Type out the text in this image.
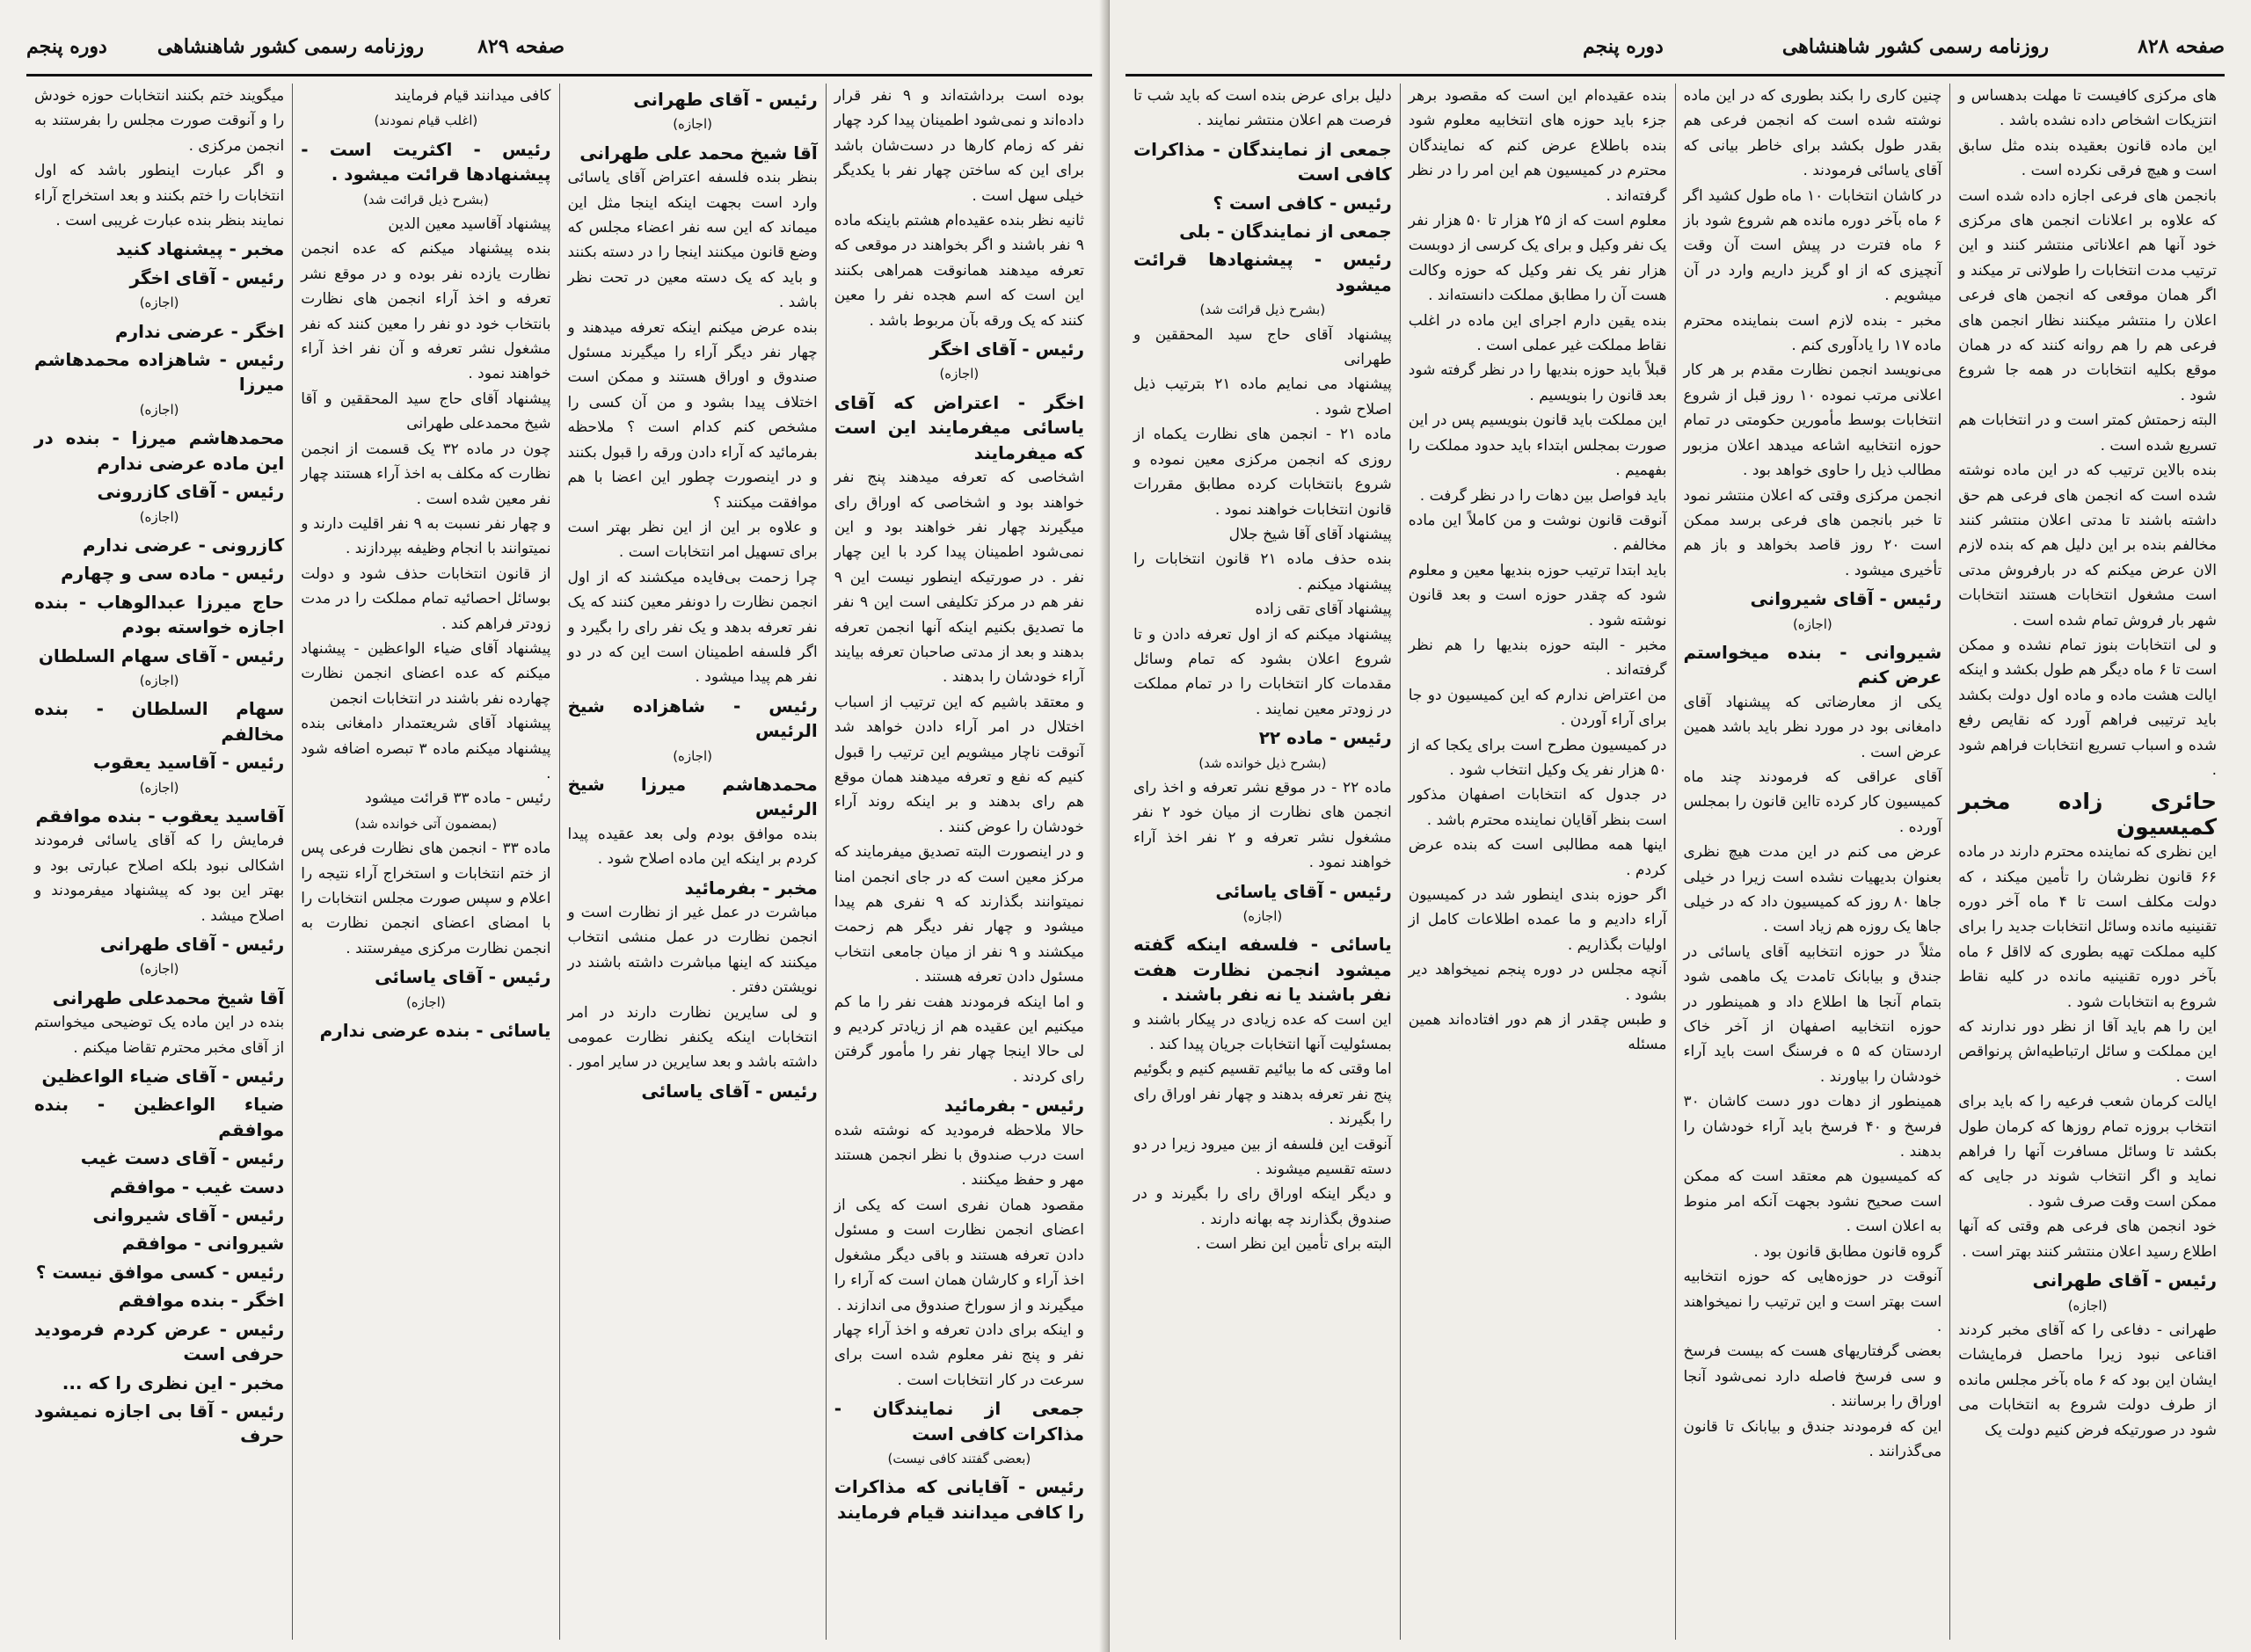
صفحه ۸۲۹
روزنامه رسمی کشور شاهنشاهی
دوره پنجم

بوده است برداشته‌اند و ۹ نفر قرار داده‌اند و نمی‌شود اطمینان پیدا کرد چهار نفر که زمام کار‌ها در دست‌شان باشد برای این که ساختن چهار نفر با یکدیگر خیلی سهل است .

ثانیه نظر بنده عقیده‌ام هشتم باینکه ماده ۹ نفر باشند و اگر بخواهند در موقعی که تعرفه میدهند همانوقت همراهی بکنند این است که اسم هجده نفر را معین کنند که یک ورقه بآن مربوط باشد .

رئیس - آقای اخگر
(اجازه)
اخگر - اعتراض که آقای یاسائی میفرمایند این است که میفرمایند

اشخاصی که تعرفه میدهند پنج نفر خواهند بود و اشخاصی که اوراق رای میگیرند چهار نفر خواهند بود و این نمی‌شود اطمینان پیدا کرد با این چهار نفر . در صورتیکه اینطور نیست این ۹ نفر هم در مرکز تکلیفی است این ۹ نفر ما تصدیق بکنیم اینکه آنها انجمن تعرفه بدهند و بعد از مدتی صاحبان تعرفه بیایند آراء خودشان را بدهند .

و معتقد باشیم که این ترتیب از اسباب اختلال در امر آراء دادن خواهد شد آنوقت ناچار میشویم این ترتیب را قبول کنیم که نفع و تعرفه میدهند همان موقع هم رای بدهند و بر اینکه روند آراء خودشان را عوض کنند .

و در اینصورت البته تصدیق میفرمایند که مرکز معین است که در جای انجمن امنا نمیتوانند بگذارند که ۹ نفری هم پیدا میشود و چهار نفر دیگر هم زحمت میکشند و ۹ نفر از میان جامعی انتخاب مسئول دادن تعرفه هستند .

و اما اینکه فرمودند هفت نفر را ما کم میکنیم این عقیده هم از زیادتر کردیم و لی حالا اینجا چهار نفر را مأمور گرفتن رای کردند .

رئیس - بفرمائید

حالا ملاحظه فرمودید که نوشته شده است درب صندوق با نظر انجمن هستند مهر و حفظ میکنند .

مقصود همان نفری است که یکی از اعضای انجمن نظارت است و مسئول دادن تعرفه هستند و باقی دیگر مشغول اخذ آراء و کارشان همان است که آراء را میگیرند و از سوراخ صندوق می اندازند .

و اینکه برای دادن تعرفه و اخذ آراء چهار نفر و پنج نفر معلوم شده است برای سرعت در کار انتخابات است .

جمعی از نمایندگان - مذاکرات کافی است
(بعضی گفتند کافی نیست)
رئیس - آقایانی که مذاکرات را کافی میدانند قیام فرمایند
رئیس - آقای طهرانی
(اجازه)
آقا شیخ محمد علی طهرانی

بنظر بنده فلسفه اعتراض آقای یاسائی وارد است بجهت اینکه اینجا مثل این میماند که این سه نفر اعضاء مجلس که وضع قانون میکنند اینجا را در دسته بکنند و باید که یک دسته معین در تحت نظر باشد .

بنده عرض میکنم اینکه تعرفه میدهند و چهار نفر دیگر آراء را میگیرند مسئول صندوق و اوراق هستند و ممکن است اختلاف پیدا بشود و من آن کسی را مشخص کنم کدام است ؟ ملاحظه بفرمائید که آراء دادن ورقه را قبول بکنند و در اینصورت چطور این اعضا با هم موافقت میکنند ؟

و علاوه بر این از این نظر بهتر است برای تسهیل امر انتخابات است .

چرا زحمت بی‌فایده میکشند که از اول انجمن نظارت را دونفر معین کنند که یک نفر تعرفه بدهد و یک نفر رای را بگیرد و اگر فلسفه اطمینان است این که در دو نفر هم پیدا میشود .

رئیس - شاهزاده شیخ الرئیس
(اجازه)
محمدهاشم میرزا شیخ الرئیس

بنده موافق بودم ولی بعد عقیده پیدا کردم بر اینکه این ماده اصلاح شود .

مخبر - بفرمائید

مباشرت در عمل غیر از نظارت است و انجمن نظارت در عمل منشی انتخاب میکنند که اینها مباشرت داشته باشند در نویشتن دفتر .

و لی سایرین نظارت دارند در امر انتخابات اینکه یکنفر نظارت عمومی داشته باشد و بعد سایرین در سایر امور .

رئیس - آقای یاسائی

کافی میدانند قیام فرمایند

(اغلب قیام نمودند)
رئیس - اکثریت است - پیشنهادها قرائت میشود .
(بشرح ذیل قرائت شد)

پیشنهاد آقاسید معین الدین

بنده پیشنهاد میکنم که عده انجمن نظارت یازده نفر بوده و در موقع نشر تعرفه و اخذ آراء انجمن های نظارت بانتخاب خود دو نفر را معین کنند که نفر مشغول نشر تعرفه و آن نفر اخذ آراء خواهند نمود .

پیشنهاد آقای حاج سید المحققین و آقا شیخ محمدعلی طهرانی

چون در ماده ۳۲ یک قسمت از انجمن نظارت که مکلف به اخذ آراء هستند چهار نفر معین شده است .

و چهار نفر نسبت به ۹ نفر اقلیت دارند و نمیتوانند با انجام وظیفه بپردازند .

از قانون انتخابات حذف شود و دولت بوسائل احصائیه تمام مملکت را در مدت زودتر فراهم کند .

پیشنهاد آقای ضیاء الواعظین - پیشنهاد میکنم که عده اعضای انجمن نظارت چهارده نفر باشند در انتخابات انجمن

پیشنهاد آقای شریعتمدار دامغانی بنده پیشنهاد میکنم ماده ۳ تبصره اضافه شود .

رئیس - ماده ۳۳ قرائت میشود

(بمضمون آتی خوانده شد)

ماده ۳۳ - انجمن های نظارت فرعی پس از ختم انتخابات و استخراج آراء نتیجه را اعلام و سپس صورت مجلس انتخابات را با امضای اعضای انجمن نظارت به انجمن نظارت مرکزی میفرستند .

رئیس - آقای یاسائی
(اجازه)
یاسائی - بنده عرضی ندارم

میگویند ختم بکنند انتخابات حوزه خودش را و آنوقت صورت مجلس را بفرستند به انجمن مرکزی .

و اگر عبارت اینطور باشد که اول انتخابات را ختم بکنند و بعد استخراج آراء نمایند بنظر بنده عبارت غریبی است .

مخبر - پیشنهاد کنید
رئیس - آقای اخگر
(اجازه)
اخگر - عرضی ندارم
رئیس - شاهزاده محمدهاشم میرزا
(اجازه)
محمدهاشم میرزا - بنده در این ماده عرضی ندارم
رئیس - آقای کازرونی
(اجازه)
کازرونی - عرضی ندارم
رئیس - ماده سی و چهارم
حاج میرزا عبدالوهاب - بنده اجازه خواسته بودم
رئیس - آقای سهام السلطان
(اجازه)
سهام السلطان - بنده مخالفم
رئیس - آقاسید یعقوب
(اجازه)
آقاسید یعقوب - بنده موافقم

فرمایش را که آقای یاسائی فرمودند اشکالی نبود بلکه اصلاح عبارتی بود و بهتر این بود که پیشنهاد میفرمودند و اصلاح میشد .

رئیس - آقای طهرانی
(اجازه)
آقا شیخ محمدعلی طهرانی

بنده در این ماده یک توضیحی میخواستم از آقای مخبر محترم تقاضا میکنم .

رئیس - آقای ضیاء الواعظین
ضیاء الواعظین - بنده موافقم
رئیس - آقای دست غیب
دست غیب - موافقم
رئیس - آقای شیروانی
شیروانی - موافقم
رئیس - کسی موافق نیست ؟
اخگر - بنده موافقم
رئیس - عرض کردم فرمودید حرفی است
مخبر - این نظری را که ...
رئیس - آقا بی اجازه نمیشود حرف
صفحه ۸۲۸
روزنامه رسمی کشور شاهنشاهی
دوره پنجم

های مرکزی کافیست تا مهلت بدهساس و انتزیکات اشخاص داده نشده باشد .

این ماده قانون بعقیده بنده مثل سابق است و هیچ فرقی نکرده است .

بانجمن های فرعی اجازه داده شده است که علاوه بر اعلانات انجمن های مرکزی خود آنها هم اعلاناتی منتشر کنند و این ترتیب مدت انتخابات را طولانی تر میکند و اگر همان موقعی که انجمن های فرعی اعلان را منتشر میکنند نظار انجمن های فرعی هم را هم روانه کنند که در همان موقع بکلیه انتخابات در همه جا شروع شود .

البته زحمتش کمتر است و در انتخابات هم تسریع شده است .

بنده بالاین ترتیب که در این ماده نوشته شده است که انجمن های فرعی هم حق داشته باشند تا مدتی اعلان منتشر کنند مخالفم بنده بر این دلیل هم که بنده لازم الان عرض میکنم که در بارفروش مدتی است مشغول انتخابات هستند انتخابات شهر بار فروش تمام شده است .

و لی انتخابات بنوز تمام نشده و ممکن است تا ۶ ماه دیگر هم طول بکشد و اینکه ایالت هشت ماده و ماده اول دولت بکشد باید ترتیبی فراهم آورد که نقایص رفع شده و اسباب تسریع انتخابات فراهم شود .

حائری زاده مخبر کمیسیون

این نظری که نماینده محترم دارند در ماده ۶۶ قانون نظرشان را تأمین میکند ، که دولت مکلف است تا ۴ ماه آخر دوره تقنینیه مانده وسائل انتخابات جدید را برای کلیه مملکت تهیه بطوری که لااقل ۶ ماه بآخر دوره تقنینیه مانده در کلیه نقاط شروع به انتخابات شود .

این را هم باید آقا از نظر دور ندارند که این مملکت و سائل ارتباطیه‌اش پرنواقص است .

ایالت کرمان شعب فرعیه را که باید برای انتخاب بروزه تمام روزها که کرمان طول بکشد تا وسائل مسافرت آنها را فراهم نماید و اگر انتخاب شوند در جایی که ممکن است وقت صرف شود .

خود انجمن های فرعی هم وقتی که آنها اطلاع رسید اعلان منتشر کنند بهتر است .

رئیس - آقای طهرانی
(اجازه)

طهرانی - دفاعی را که آقای مخبر کردند اقناعی نبود زیرا ماحصل فرمایشات ایشان این بود که ۶ ماه بآخر مجلس مانده از طرف دولت شروع به انتخابات می شود در صورتیکه فرض کنیم دولت یک

چنین کاری را بکند بطوری که در این ماده نوشته شده است که انجمن فرعی هم بقدر طول بکشد برای خاطر بیانی که آقای یاسائی فرمودند .

در کاشان انتخابات ۱۰ ماه طول کشید اگر ۶ ماه بآخر دوره مانده هم شروع شود باز ۶ ماه فترت در پیش است آن وقت آنچیزی که از او گریز داریم وارد در آن میشویم .

مخبر - بنده لازم است بنماینده محترم ماده ۱۷ را یادآوری کنم .

می‌نویسد انجمن نظارت مقدم بر هر کار اعلانی مرتب نموده ۱۰ روز قبل از شروع انتخابات بوسط مأمورین حکومتی در تمام حوزه انتخابیه اشاعه میدهد اعلان مزبور مطالب ذیل را حاوی خواهد بود .

انجمن مرکزی وقتی که اعلان منتشر نمود تا خبر بانجمن های فرعی برسد ممکن است ۲۰ روز قاصد بخواهد و باز هم تأخیری میشود .

رئیس - آقای شیروانی
(اجازه)
شیروانی - بنده میخواستم عرض کنم

یکی از معارضاتی که پیشنهاد آقای دامغانی بود در مورد نظر باید باشد همین عرض است .

آقای عراقی که فرمودند چند ماه کمیسیون کار کرده تااین قانون را بمجلس آورده .

عرض می کنم در این مدت هیچ نظری بعنوان بدیهیات نشده است زیرا در خیلی جاها ۸۰ روز که کمیسیون داد که در خیلی جاها یک روزه هم زیاد است .

مثلاً در حوزه انتخابیه آقای یاسائی در جندق و بیابانک تامدت یک ماهمی شود بتمام آنجا ها اطلاع داد و همینطور در حوزه انتخابیه اصفهان از آخر خاک اردستان که ۵ ه فرسنگ است باید آراء خودشان را بیاورند .

همینطور از دهات دور دست کاشان ۳۰ فرسخ و ۴۰ فرسخ باید آراء خودشان را بدهند .

که کمیسیون هم معتقد است که ممکن است صحیح نشود بجهت آنکه امر منوط به اعلان است .

گروه قانون مطابق قانون بود .

آنوقت در حوزه‌هایی که حوزه انتخابیه است بهتر است و این ترتیب را نمیخواهند .

بعضی گرفتاریهای هست که بیست فرسخ و سی فرسخ فاصله دارد نمی‌شود آنجا اوراق را برسانند .

این که فرمودند جندق و بیابانک تا قانون می‌گذرانند .

بنده عقیده‌ام این است که مقصود برهر جزء باید حوزه های انتخابیه معلوم شود بنده باطلاع عرض کنم که نمایندگان محترم در کمیسیون هم این امر را در نظر گرفته‌اند .

معلوم است که از ۲۵ هزار تا ۵۰ هزار نفر یک نفر وکیل و برای یک کرسی از دوبست هزار نفر یک نفر وکیل که حوزه وکالت هست آن را مطابق مملکت دانسته‌اند .

بنده یقین دارم اجرای این ماده در اغلب نقاط مملکت غیر عملی است .

قبلاً باید حوزه بندیها را در نظر گرفته شود بعد قانون را بنویسیم .

این مملکت باید قانون بنویسیم پس در این صورت بمجلس ابتداء باید حدود مملکت را بفهمیم .

باید فواصل بین دهات را در نظر گرفت .

آنوقت قانون نوشت و من کاملاً این ماده مخالفم .

باید ابتدا ترتیب حوزه بندیها معین و معلوم شود که چقدر حوزه است و بعد قانون نوشته شود .

مخبر - البته حوزه بندیها را هم نظر گرفته‌اند .

من اعتراض ندارم که این کمیسیون دو جا برای آراء آوردن .

در کمیسیون مطرح است برای یکجا که از ۵۰ هزار نفر یک وکیل انتخاب شود .

در جدول که انتخابات اصفهان مذکور است بنظر آقایان نماینده محترم باشد .

اینها همه مطالبی است که بنده عرض کردم .

اگر حوزه بندی اینطور شد در کمیسیون آراء دادیم و ما عمده اطلاعات کامل از اولیات بگذاریم .

آنچه مجلس در دوره پنجم نمیخواهد دیر بشود .

و طبس چقدر از هم دور افتاده‌اند همین مسئله

دلیل برای عرض بنده است که باید شب تا فرصت هم اعلان منتشر نمایند .

جمعی از نمایندگان - مذاکرات کافی است
رئیس - کافی است ؟
جمعی از نمایندگان - بلی
رئیس - پیشنهادها قرائت میشود
(بشرح ذیل قرائت شد)

پیشنهاد آقای حاج سید المحققین و طهرانی

پیشنهاد می نمایم ماده ۲۱ بترتیب ذیل اصلاح شود .

ماده ۲۱ - انجمن های نظارت یکماه از روزی که انجمن مرکزی معین نموده و شروع بانتخابات کرده مطابق مقررات قانون انتخابات خواهند نمود .

پیشنهاد آقای آقا شیخ جلال

بنده حذف ماده ۲۱ قانون انتخابات را پیشنهاد میکنم .

پیشنهاد آقای تقی زاده

پیشنهاد میکنم که از اول تعرفه دادن و تا شروع اعلان بشود که تمام وسائل مقدمات کار انتخابات را در تمام مملکت در زودتر معین نمایند .

رئیس - ماده ۲۲
(بشرح ذیل خوانده شد)

ماده ۲۲ - در موقع نشر تعرفه و اخذ رای انجمن های نظارت از میان خود ۲ نفر مشغول نشر تعرفه و ۲ نفر اخذ آراء خواهند نمود .

رئیس - آقای یاسائی
(اجازه)
یاسائی - فلسفه اینکه گفته میشود انجمن نظارت هفت نفر باشند یا نه نفر باشند .

این است که عده زیادی در پیکار باشند و بمسئولیت آنها انتخابات جریان پیدا کند .

اما وقتی که ما بیائیم تقسیم کنیم و بگوئیم پنج نفر تعرفه بدهند و چهار نفر اوراق رای را بگیرند .

آنوقت این فلسفه از بین میرود زیرا در دو دسته تقسیم میشوند .

و دیگر اینکه اوراق رای را بگیرند و در صندوق بگذارند چه بهانه دارند .

البته برای تأمین این نظر است .
